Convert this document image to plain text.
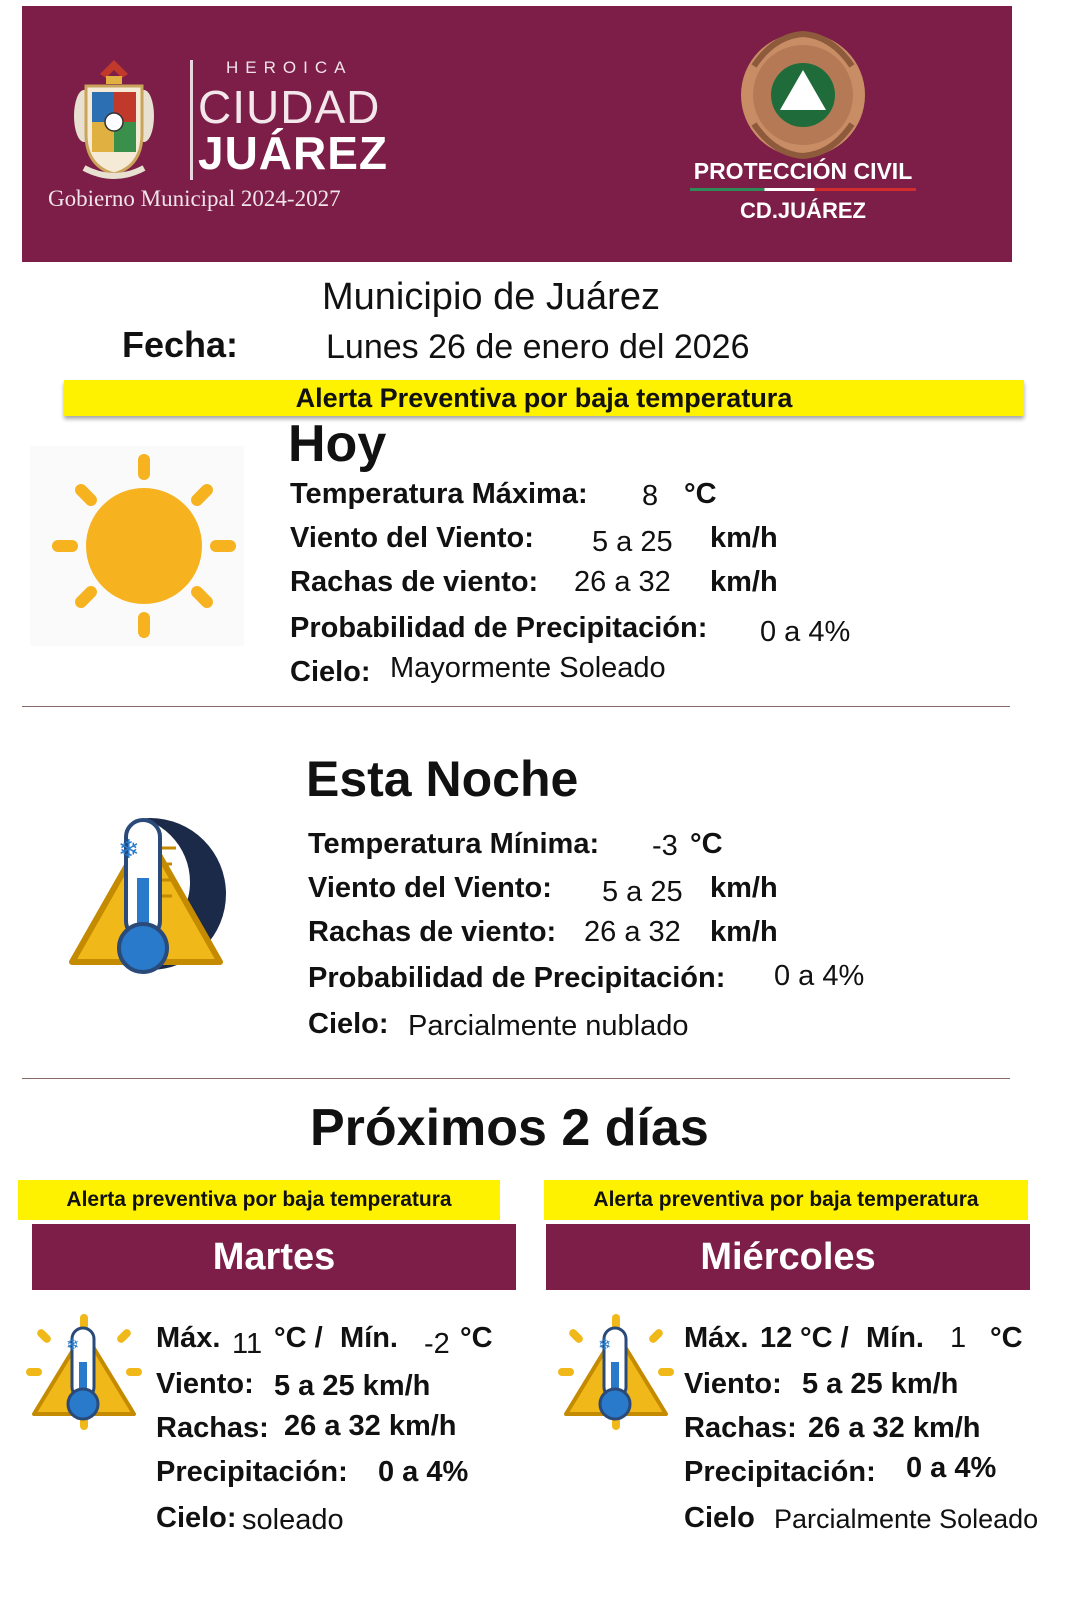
HEROICA
CIUDAD
JUÁREZ
Gobierno Municipal 2024-2027
PROTECCIÓN CIVIL
CD.JUÁREZ
Municipio de Juárez
Fecha:	Lunes 26 de enero del 2026
Alerta Preventiva por baja temperatura
Hoy
Temperatura Máxima: 8 °C
Viento del Viento: 5 a 25 km/h
Rachas de viento: 26 a 32 km/h
Probabilidad de Precipitación: 0 a 4%
Cielo: Mayormente Soleado
❄
Esta Noche
Temperatura Mínima: -3 °C
Viento del Viento: 5 a 25 km/h
Rachas de viento: 26 a 32 km/h
Probabilidad de Precipitación: 0 a 4%
Cielo: Parcialmente nublado
Próximos 2 días
Alerta preventiva por baja temperatura
Martes
❄	Máx. 11 °C / Mín. -2 °C
Viento: 5 a 25 km/h
Rachas: 26 a 32 km/h
Precipitación: 0 a 4%
Cielo: soleado
Alerta preventiva por baja temperatura
Miércoles
❄	Máx. 12 °C / Mín. 1 °C
Viento: 5 a 25 km/h
Rachas: 26 a 32 km/h
Precipitación: 0 a 4%
Cielo Parcialmente Soleado
